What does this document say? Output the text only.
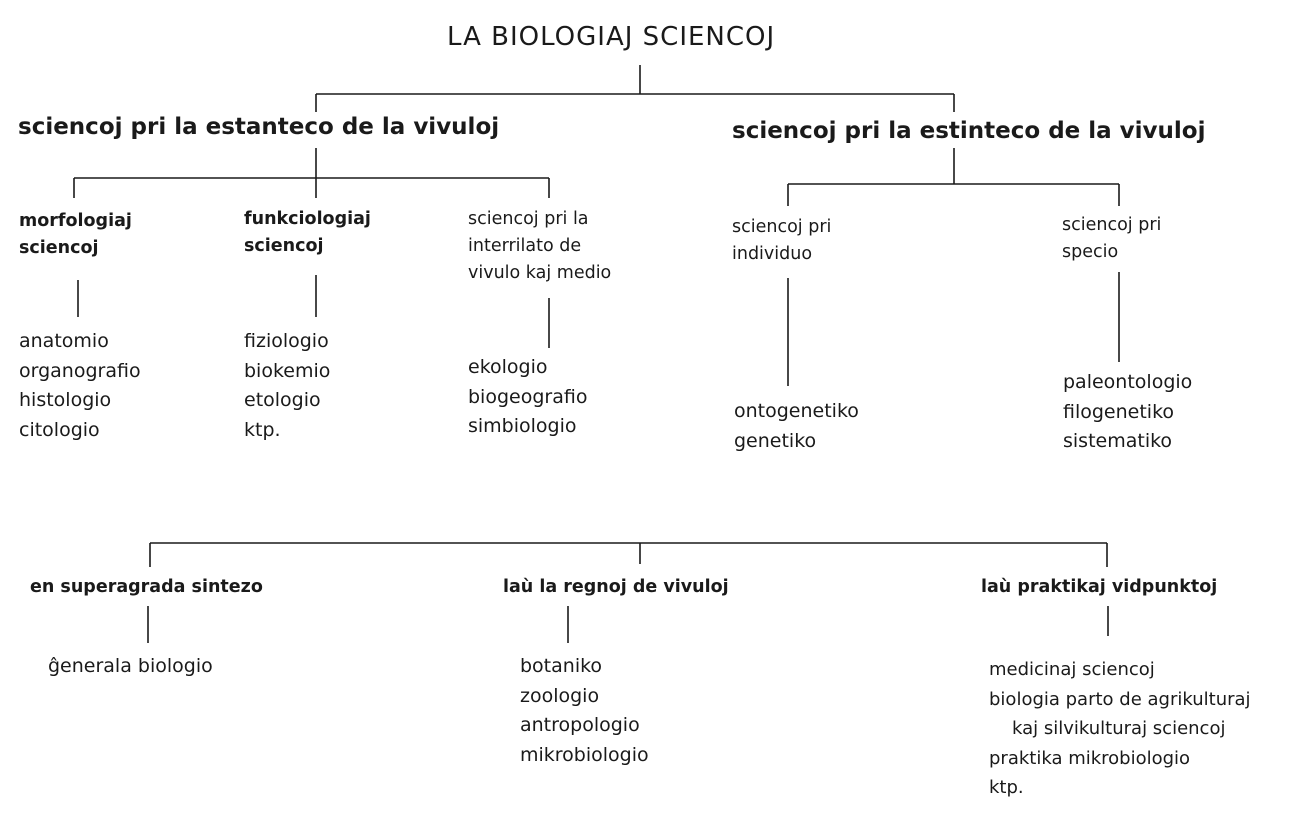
LA BIOLOGIAJ SCIENCOJ
sciencoj pri la estanteco de la vivuloj	sciencoj pri la estinteco de la vivuloj
morfologiaj
sciencoj
anatomio
organografio
histologio
citologio
funkciologiaj
sciencoj
fiziologio
biokemio
etologio
ktp.
sciencoj pri la
interrilato de
vivulo kaj medio
ekologio
biogeografio
simbiologio
sciencoj pri
individuo
ontogenetiko
genetiko
sciencoj pri
specio
paleontologio
filogenetiko
sistematiko
en superagrada sintezo
ĝenerala biologio
laù la regnoj de vivuloj
botaniko
zoologio
antropologio
mikrobiologio
laù praktikaj vidpunktoj
medicinaj sciencoj
biologia parto de agrikulturaj
kaj silvikulturaj sciencoj
praktika mikrobiologio
ktp.
